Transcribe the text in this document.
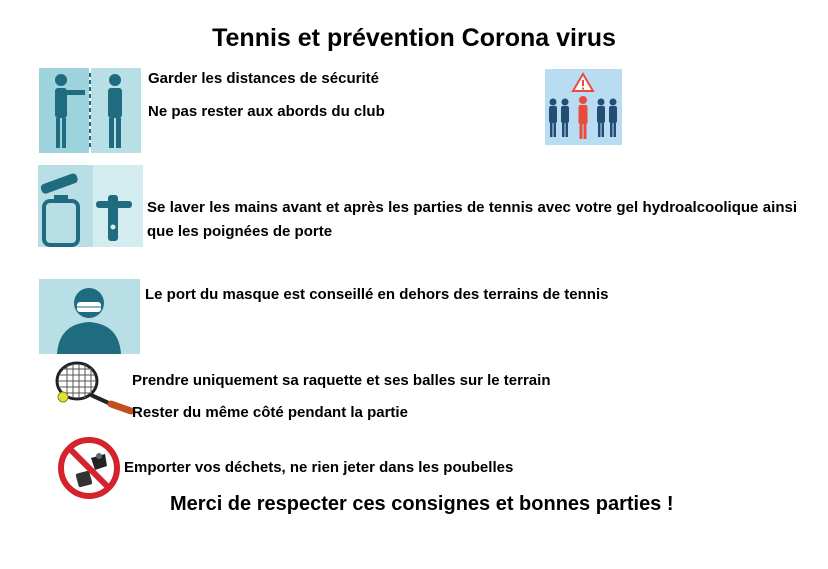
Tennis et prévention Corona virus
Garder les distances de sécurité
Ne pas rester aux abords du club
Se laver les mains avant et après les parties de tennis avec votre gel hydroalcoolique ainsi que les poignées de porte
Le port du masque est conseillé en dehors des terrains de tennis
Prendre uniquement sa raquette et ses balles sur le terrain
Rester du même côté pendant la partie
Emporter vos déchets, ne rien jeter dans les poubelles
Merci de respecter ces consignes et bonnes parties !
